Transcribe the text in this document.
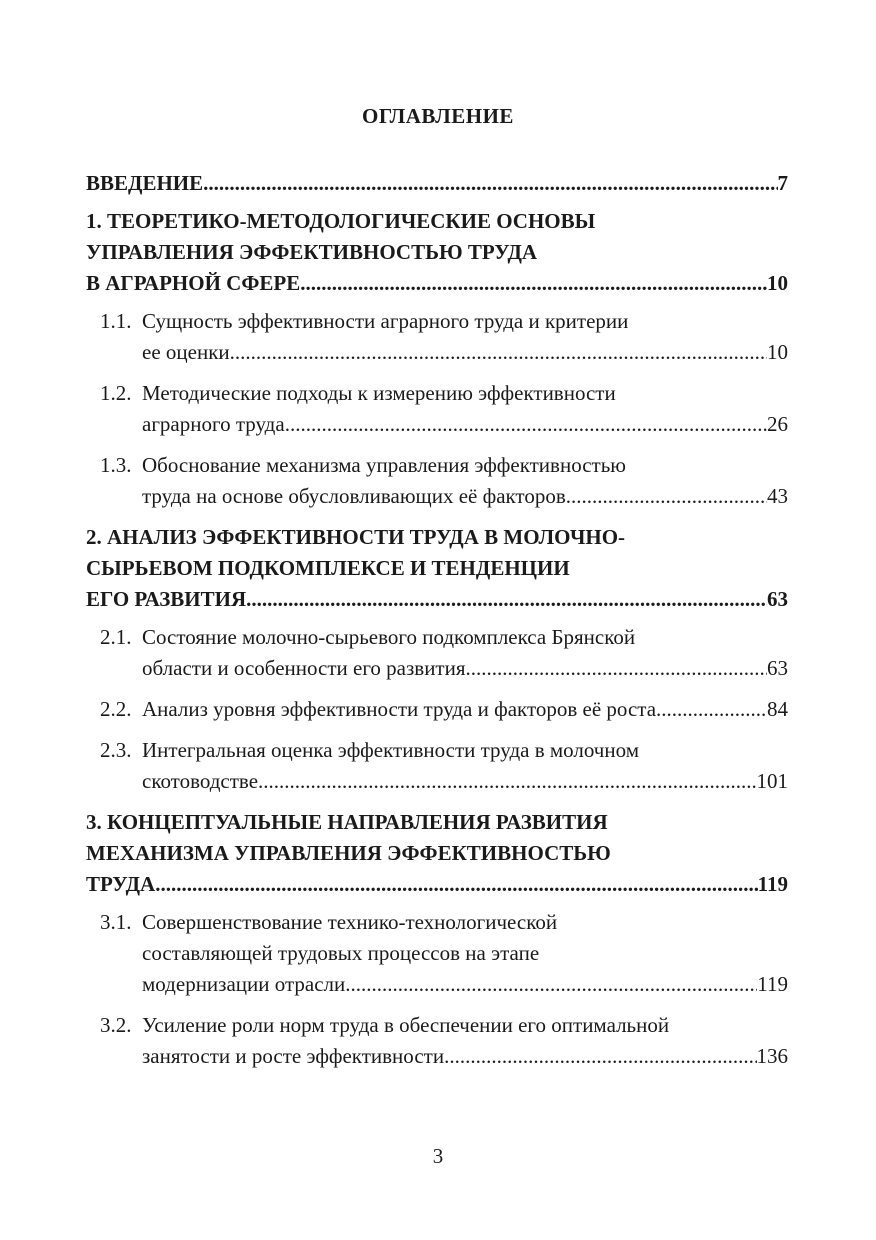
ОГЛАВЛЕНИЕ
ВВЕДЕНИЕ .....	7
1. ТЕОРЕТИКО-МЕТОДОЛОГИЧЕСКИЕ ОСНОВЫ
УПРАВЛЕНИЯ ЭФФЕКТИВНОСТЬЮ ТРУДА
В АГРАРНОЙ СФЕРЕ .....	10
1.1. Сущность эффективности аграрного труда и критерии
ее оценки .....	10
1.2. Методические подходы к измерению эффективности
аграрного труда .....	26
1.3. Обоснование механизма управления эффективностью
труда на основе обусловливающих её факторов .....	43
2. АНАЛИЗ ЭФФЕКТИВНОСТИ ТРУДА В МОЛОЧНО-
СЫРЬЕВОМ ПОДКОМПЛЕКСЕ И ТЕНДЕНЦИИ
ЕГО РАЗВИТИЯ .....	63
2.1. Состояние молочно-сырьевого подкомплекса Брянской
области и особенности его развития .....	63
2.2. Анализ уровня эффективности труда и факторов её роста .....	84
2.3. Интегральная оценка эффективности труда в молочном
скотоводстве .....	101
3. КОНЦЕПТУАЛЬНЫЕ НАПРАВЛЕНИЯ РАЗВИТИЯ
МЕХАНИЗМА УПРАВЛЕНИЯ ЭФФЕКТИВНОСТЬЮ
ТРУДА .....	119
3.1. Совершенствование технико-технологической
составляющей трудовых процессов на этапе
модернизации отрасли .....	119
3.2. Усиление роли норм труда в обеспечении его оптимальной
занятости и росте эффективности .....	136
3
